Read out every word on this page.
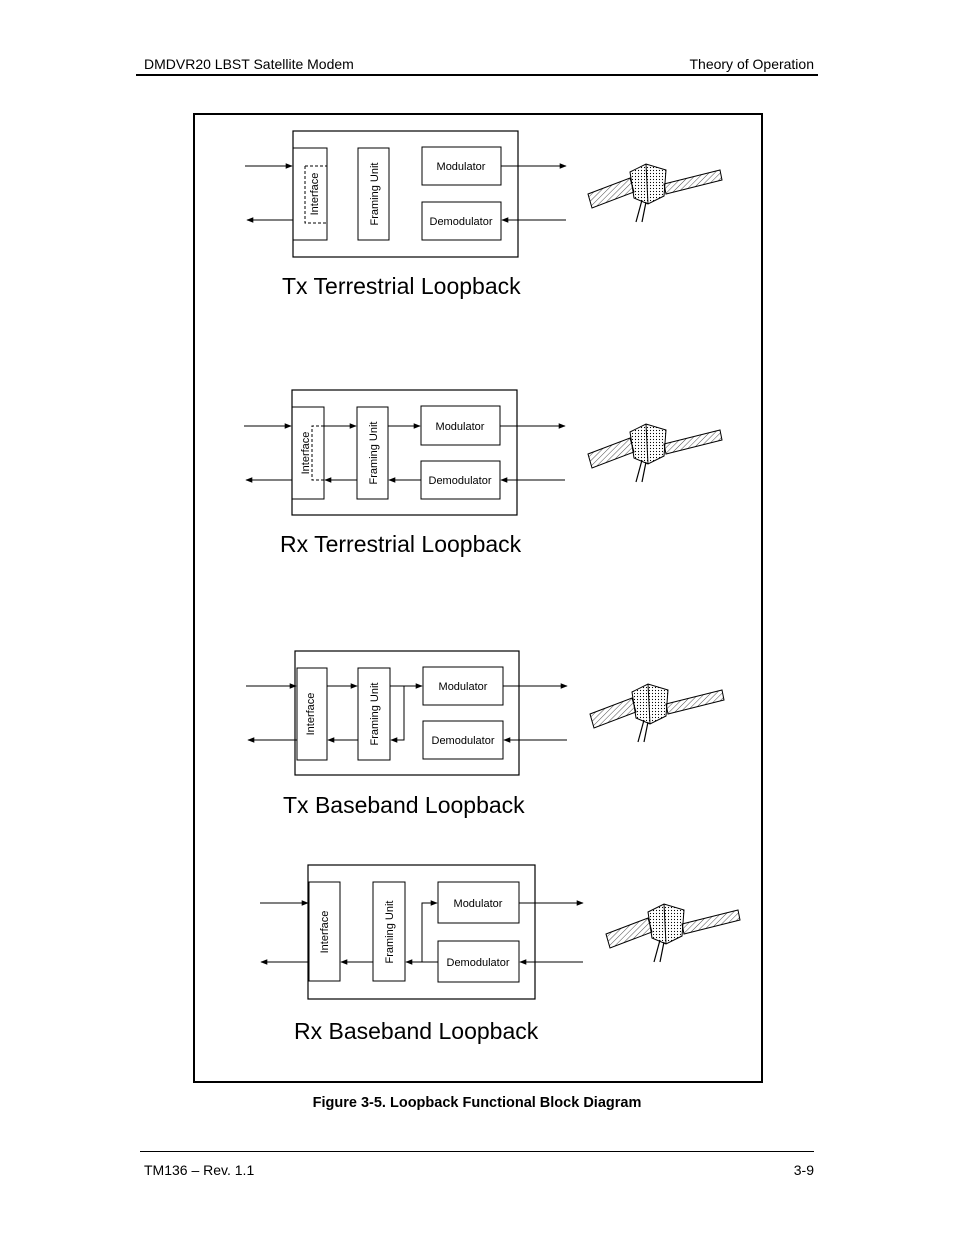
DMDVR20 LBST Satellite Modem	Theory of Operation
Interface	Framing Unit	Modulator
Demodulator
Tx Terrestrial Loopback
Interface	Framing Unit	Modulator
Demodulator
Rx Terrestrial Loopback
Interface	Framing Unit	Modulator
Demodulator
Tx Baseband Loopback
Interface	Framing Unit	Modulator
Demodulator
Rx Baseband Loopback
Figure 3-5. Loopback Functional Block Diagram
TM136 – Rev. 1.1	3-9
